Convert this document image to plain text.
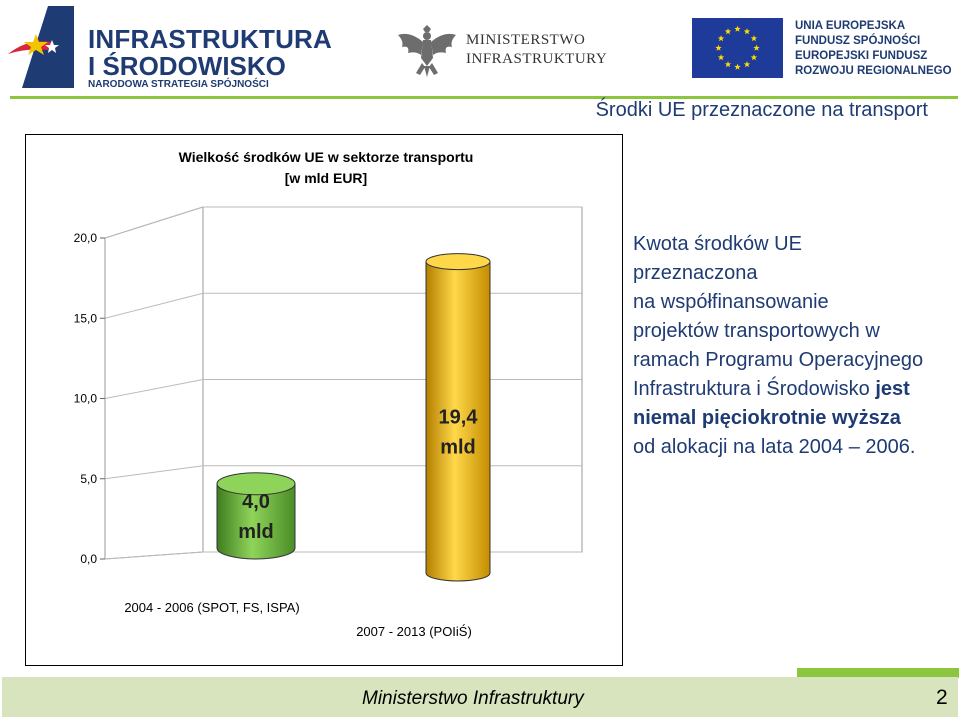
INFRASTRUKTURA
I ŚRODOWISKO
NARODOWA STRATEGIA SPÓJNOŚCI
MINISTERSTWO
INFRASTRUKTURY
UNIA EUROPEJSKA
FUNDUSZ SPÓJNOŚCI
EUROPEJSKI FUNDUSZ
ROZWOJU REGIONALNEGO
Środki UE przeznaczone na transport
Wielkość środków UE w sektorze transportu
[w mld EUR]
0,0
5,0
10,0
15,0
20,0
4,0
mld
19,4
mld
2004 - 2006 (SPOT, FS, ISPA)
2007 - 2013 (POIiŚ)
Kwota środków UE
przeznaczona
na współfinansowanie
projektów transportowych w
ramach Programu Operacyjnego
Infrastruktura i Środowisko jest
niemal pięciokrotnie wyższa
od alokacji na lata 2004 – 2006.
Ministerstwo Infrastruktury	2
